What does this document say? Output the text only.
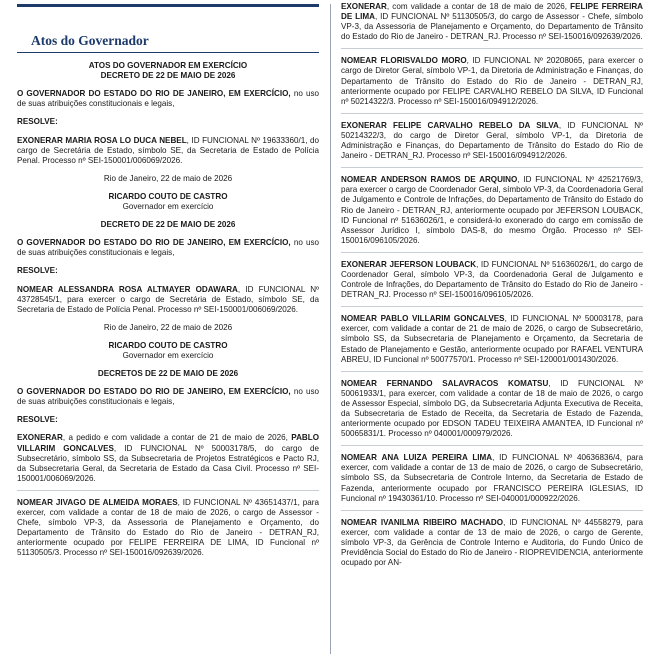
Atos do Governador
ATOS DO GOVERNADOR EM EXERCÍCIO

DECRETO DE 22 DE MAIO DE 2026

O GOVERNADOR DO ESTADO DO RIO DE JANEIRO, EM EXERCÍCIO, no uso de suas atribuições constitucionais e legais,

RESOLVE:

EXONERAR MARIA ROSA LO DUCA NEBEL, ID FUNCIONAL Nº 19633360/1, do cargo de Secretária de Estado, símbolo SE, da Secretaria de Estado de Polícia Penal. Processo nº SEI-150001/006069/2026.

Rio de Janeiro, 22 de maio de 2026

RICARDO COUTO DE CASTRO

Governador em exercício

DECRETO DE 22 DE MAIO DE 2026

O GOVERNADOR DO ESTADO DO RIO DE JANEIRO, EM EXERCÍCIO, no uso de suas atribuições constitucionais e legais,

RESOLVE:

NOMEAR ALESSANDRA ROSA ALTMAYER ODAWARA, ID FUNCIONAL Nº 43728545/1, para exercer o cargo de Secretária de Estado, símbolo SE, da Secretaria de Estado de Polícia Penal. Processo nº SEI-150001/006069/2026.

Rio de Janeiro, 22 de maio de 2026

RICARDO COUTO DE CASTRO

Governador em exercício

DECRETOS DE 22 DE MAIO DE 2026

O GOVERNADOR DO ESTADO DO RIO DE JANEIRO, EM EXERCÍCIO, no uso de suas atribuições constitucionais e legais,

RESOLVE:

EXONERAR, a pedido e com validade a contar de 21 de maio de 2026, PABLO VILLARIM GONCALVES, ID FUNCIONAL Nº 50003178/5, do cargo de Subsecretário, símbolo SS, da Subsecretaria de Projetos Estratégicos e Pacto RJ, da Subsecretaria Geral, da Secretaria de Estado da Casa Civil. Processo nº SEI-150001/006069/2026.

NOMEAR JIVAGO DE ALMEIDA MORAES, ID FUNCIONAL Nº 43651437/1, para exercer, com validade a contar de 18 de maio de 2026, o cargo de Assessor - Chefe, símbolo VP-3, da Assessoria de Planejamento e Orçamento, do Departamento de Trânsito do Estado do Rio de Janeiro - DETRAN_RJ, anteriormente ocupado por FELIPE FERREIRA DE LIMA, ID Funcional nº 51130505/3. Processo nº SEI-150016/092639/2026.

EXONERAR, com validade a contar de 18 de maio de 2026, FELIPE FERREIRA DE LIMA, ID FUNCIONAL Nº 51130505/3, do cargo de Assessor - Chefe, símbolo VP-3, da Assessoria de Planejamento e Orçamento, do Departamento de Trânsito do Estado do Rio de Janeiro - DETRAN_RJ. Processo nº SEI-150016/092639/2026.

NOMEAR FLORISVALDO MORO, ID FUNCIONAL Nº 20208065, para exercer o cargo de Diretor Geral, símbolo VP-1, da Diretoria de Administração e Finanças, do Departamento de Trânsito do Estado do Rio de Janeiro - DETRAN_RJ, anteriormente ocupado por FELIPE CARVALHO REBELO DA SILVA, ID Funcional nº 50214322/3. Processo nº SEI-150016/094912/2026.

EXONERAR FELIPE CARVALHO REBELO DA SILVA, ID FUNCIONAL Nº 50214322/3, do cargo de Diretor Geral, símbolo VP-1, da Diretoria de Administração e Finanças, do Departamento de Trânsito do Estado do Rio de Janeiro - DETRAN_RJ. Processo nº SEI-150016/094912/2026.

NOMEAR ANDERSON RAMOS DE ARQUINO, ID FUNCIONAL Nº 42521769/3, para exercer o cargo de Coordenador Geral, símbolo VP-3, da Coordenadoria Geral de Julgamento e Controle de Infrações, do Departamento de Trânsito do Estado do Rio de Janeiro - DETRAN_RJ, anteriormente ocupado por JEFERSON LOUBACK, ID Funcional nº 51636026/1, e considerá-lo exonerado do cargo em comissão de Assessor Jurídico I, símbolo DAS-8, do mesmo Órgão. Processo nº SEI-150016/096105/2026.

EXONERAR JEFERSON LOUBACK, ID FUNCIONAL Nº 51636026/1, do cargo de Coordenador Geral, símbolo VP-3, da Coordenadoria Geral de Julgamento e Controle de Infrações, do Departamento de Trânsito do Estado do Rio de Janeiro - DETRAN_RJ. Processo nº SEI-150016/096105/2026.

NOMEAR PABLO VILLARIM GONCALVES, ID FUNCIONAL Nº 50003178, para exercer, com validade a contar de 21 de maio de 2026, o cargo de Subsecretário, símbolo SS, da Subsecretaria de Planejamento e Orçamento, da Secretaria de Estado de Planejamento e Gestão, anteriormente ocupado por RAFAEL VENTURA ABREU, ID Funcional nº 50077570/1. Processo nº SEI-120001/001430/2026.

NOMEAR FERNANDO SALAVRACOS KOMATSU, ID FUNCIONAL Nº 50061933/1, para exercer, com validade a contar de 18 de maio de 2026, o cargo de Assessor Especial, símbolo DG, da Subsecretaria Adjunta Executiva de Receita, da Subsecretaria de Estado de Receita, da Secretaria de Estado de Fazenda, anteriormente ocupado por EDSON TADEU TEIXEIRA AMANTEA, ID Funcional nº 50065831/1. Processo nº 040001/000979/2026.

NOMEAR ANA LUIZA PEREIRA LIMA, ID FUNCIONAL Nº 40636836/4, para exercer, com validade a contar de 13 de maio de 2026, o cargo de Subsecretário, símbolo SS, da Subsecretaria de Controle Interno, da Secretaria de Estado de Fazenda, anteriormente ocupado por FRANCISCO PEREIRA IGLESIAS, ID Funcional nº 19430361/10. Processo nº SEI-040001/000922/2026.

NOMEAR IVANILMA RIBEIRO MACHADO, ID FUNCIONAL Nº 44558279, para exercer, com validade a contar de 13 de maio de 2026, o cargo de Gerente, símbolo VP-3, da Gerência de Controle Interno e Auditoria, do Fundo Único de Previdência Social do Estado do Rio de Janeiro - RIOPREVIDENCIA, anteriormente ocupado por AN-
